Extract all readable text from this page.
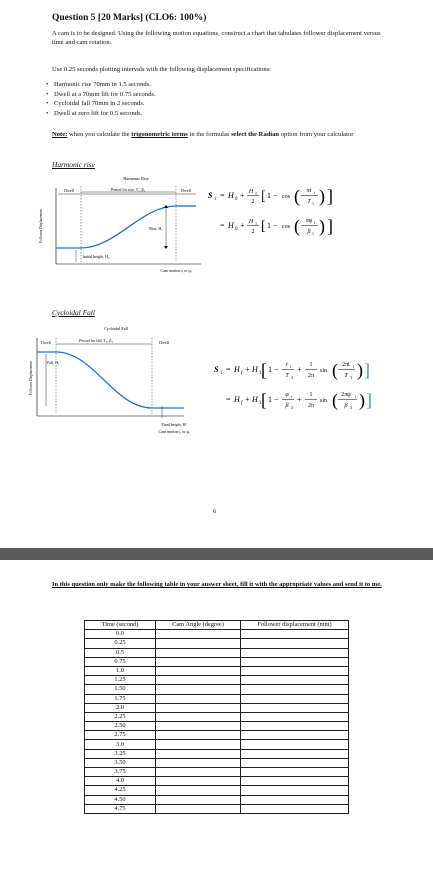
Question 5 [20 Marks] (CLO6: 100%)

A cam is to be designed. Using the following motion equations, construct a chart that tabulates follower displacement versus time and cam rotation.

Use 0.25 seconds plotting intervals with the following displacement specifications:

• Harmonic rise 70mm in 1.5 seconds.
• Dwell at a 70mm lift for 0.75 seconds.
• Cycloidal fall 70mm in 2 seconds.
• Dwell at zero lift for 0.5 seconds.

Note: when you calculate the trigonometric terms in the formulas select the Radian option from your calculator

Harmonic rise
Harmonic Rise
Dwell	Period for rise, T₁, β₁	Dwell
Rise, H₁
Initial height, H₀
Cam motion tᵢ or φᵢ
Follower Displacement
S i = H 0 + H 1
2 [ 1 − cos ( πt i
T 1 ) ]
= H 0 + H 1
2 [ 1 − cos ( πφ i
β 1 ) ]
Cycloidal Fall
Cycloidal Fall
Dwell	Period for fall, T₃, β₃	Dwell
Fall, Hᵢ
Final height, Hᶠ
Cam motion tᵢ or φᵢ
Follower Displacement	S i = H f + H 1 [ 1 − t i
T 3
+ 1
2π
sin ( 2πt i
T 3 ) ]
= H f + H 1 [ 1 − φ i
β 3
+ 1
2π
sin ( 2πφ i
β 3 ) ]
6

In this question only make the following table in your answer sheet, fill it with the appropriate values and send it to me.

Time (second)	Cam Angle (degree)	Follower displacement (mm)
0.0		
0.25		
0.5		
0.75		
1.0		
1.25		
1.50		
1.75		
2.0		
2.25		
2.50		
2.75		
3.0		
3.25		
3.50		
3.75		
4.0		
4.25		
4.50		
4.75		
